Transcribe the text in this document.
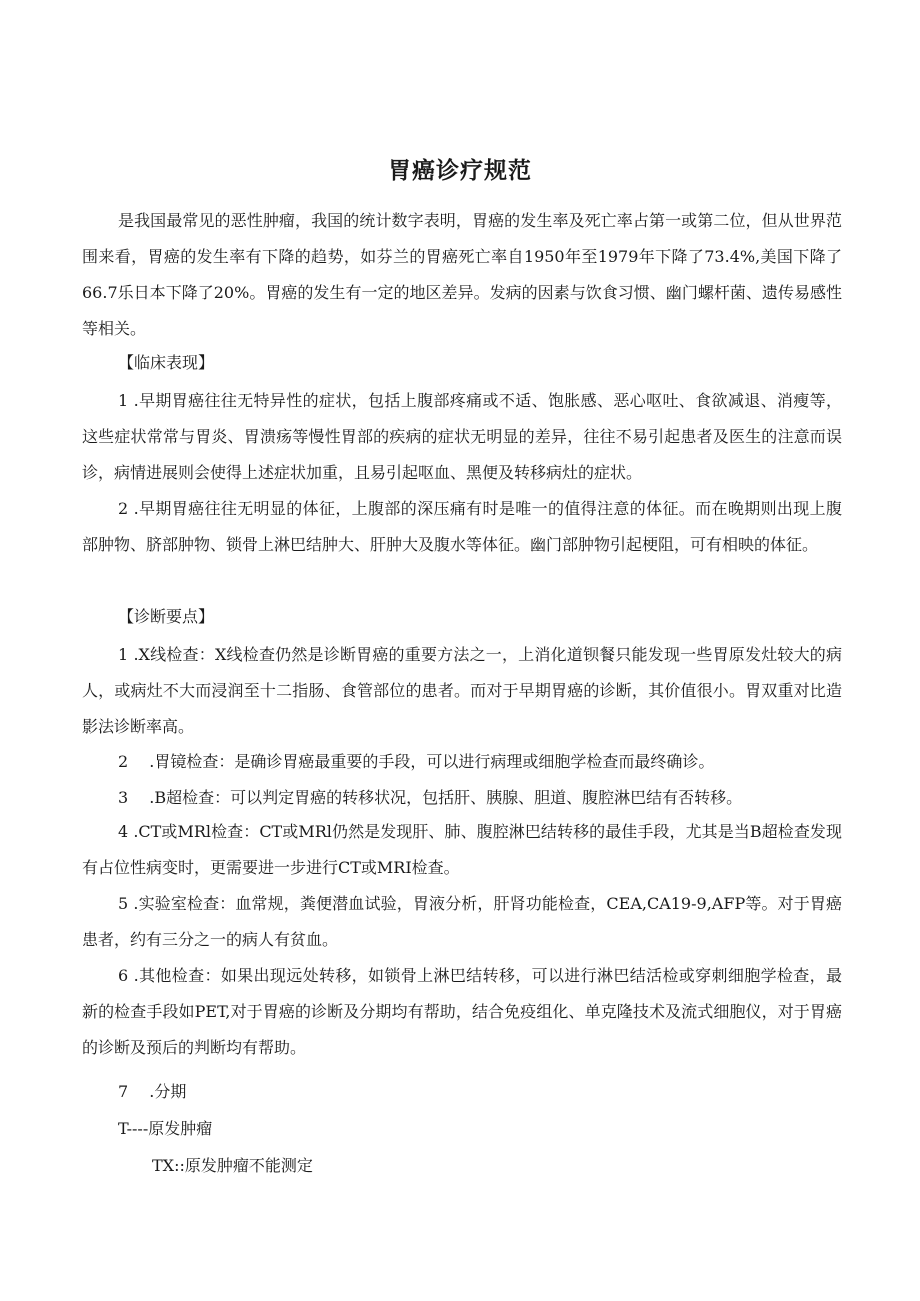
胃癌诊疗规范

是我国最常见的恶性肿瘤，我国的统计数字表明，胃癌的发生率及死亡率占第一或第二位，但从世界范围来看，胃癌的发生率有下降的趋势，如芬兰的胃癌死亡率自1950年至1979年下降了73.4%,美国下降了66.7乐日本下降了20%。胃癌的发生有一定的地区差异。发病的因素与饮食习惯、幽门螺杆菌、遗传易感性等相关。

【临床表现】

1 .早期胃癌往往无特异性的症状，包括上腹部疼痛或不适、饱胀感、恶心呕吐、食欲减退、消瘦等，这些症状常常与胃炎、胃溃疡等慢性胃部的疾病的症状无明显的差异，往往不易引起患者及医生的注意而误诊，病情进展则会使得上述症状加重，且易引起呕血、黑便及转移病灶的症状。

2 .早期胃癌往往无明显的体征，上腹部的深压痛有时是唯一的值得注意的体征。而在晚期则出现上腹部肿物、脐部肿物、锁骨上淋巴结肿大、肝肿大及腹水等体征。幽门部肿物引起梗阻，可有相映的体征。

【诊断要点】

1 .X线检查：X线检查仍然是诊断胃癌的重要方法之一，上消化道钡餐只能发现一些胃原发灶较大的病人，或病灶不大而浸润至十二指肠、食管部位的患者。而对于早期胃癌的诊断，其价值很小。胃双重对比造影法诊断率高。

2　 .胃镜检查：是确诊胃癌最重要的手段，可以进行病理或细胞学检查而最终确诊。

3　 .B超检查：可以判定胃癌的转移状况，包括肝、胰腺、胆道、腹腔淋巴结有否转移。

4 .CT或MRl检查：CT或MRl仍然是发现肝、肺、腹腔淋巴结转移的最佳手段，尤其是当B超检查发现有占位性病变时，更需要进一步进行CT或MRI检查。

5 .实验室检查：血常规，粪便潜血试验，胃液分析，肝肾功能检查，CEA,CA19-9,AFP等。对于胃癌患者，约有三分之一的病人有贫血。

6 .其他检查：如果出现远处转移，如锁骨上淋巴结转移，可以进行淋巴结活检或穿刺细胞学检查，最新的检查手段如PET,对于胃癌的诊断及分期均有帮助，结合免疫组化、单克隆技术及流式细胞仪，对于胃癌的诊断及预后的判断均有帮助。

7　 .分期

T----原发肿瘤

TX::原发肿瘤不能测定
